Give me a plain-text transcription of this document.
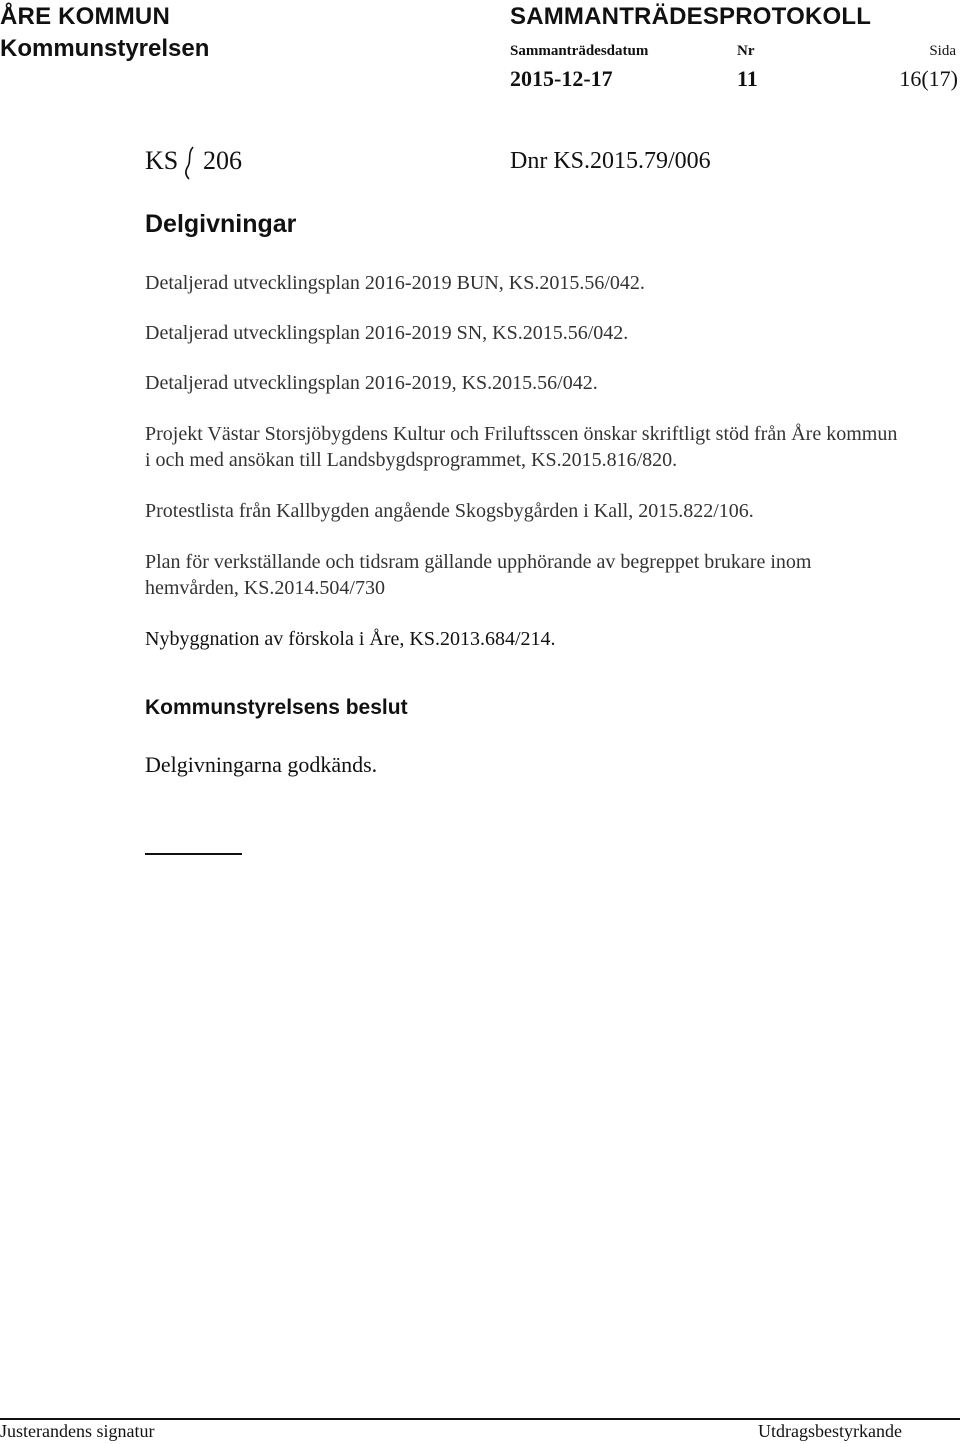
ÅRE KOMMUN
Kommunstyrelsen
SAMMANTRÄDESPROTOKOLL
Sammanträdesdatum	Nr	Sida
2015-12-17	11	16(17)
KS 206	Dnr KS.2015.79/006
Delgivningar
Detaljerad utvecklingsplan 2016-2019 BUN, KS.2015.56/042.
Detaljerad utvecklingsplan 2016-2019 SN, KS.2015.56/042.
Detaljerad utvecklingsplan 2016-2019, KS.2015.56/042.
Projekt Västar Storsjöbygdens Kultur och Friluftsscen önskar skriftligt stöd från Åre kommun i och med ansökan till Landsbygdsprogrammet, KS.2015.816/820.
Protestlista från Kallbygden angående Skogsbygården i Kall, 2015.822/106.
Plan för verkställande och tidsram gällande upphörande av begreppet brukare inom hemvården, KS.2014.504/730
Nybyggnation av förskola i Åre, KS.2013.684/214.
Kommunstyrelsens beslut
Delgivningarna godkänds.
Justerandens signatur	Utdragsbestyrkande
